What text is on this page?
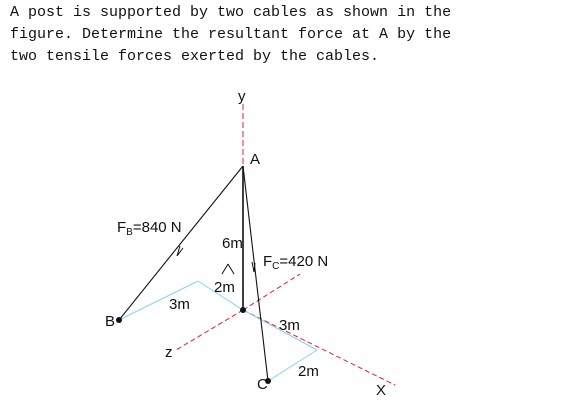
A post is supported by two cables as shown in the
figure. Determine the resultant force at A by the
two tensile forces exerted by the cables.
y
A
B
C	X
z
$F_B=840$ N
$F_C=420$ N
6m
2m
3m
3m
2m
